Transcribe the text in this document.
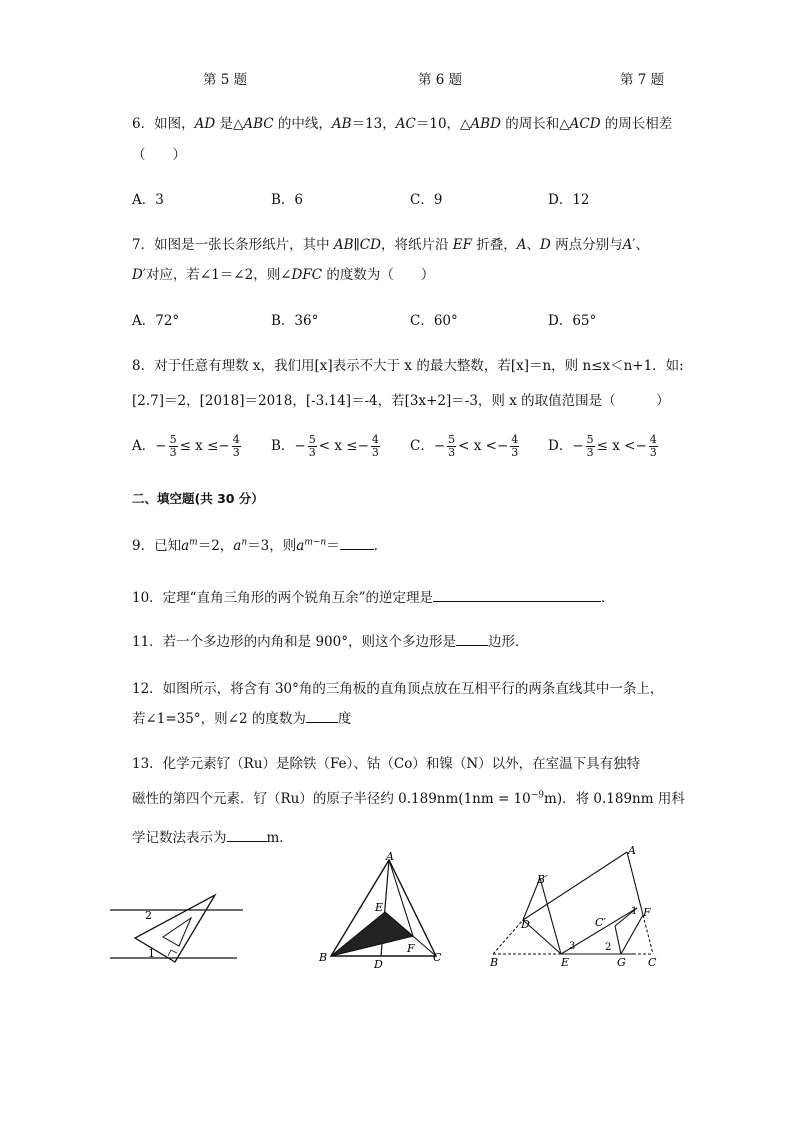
第 5 题	第 6 题	第 7 题
6．如图，AD 是△ABC 的中线，AB＝13，AC＝10，△ABD 的周长和△ACD 的周长相差
（　　）
A．3	B．6	C．9	D．12
7．如图是一张长条形纸片，其中 AB∥CD，将纸片沿 EF 折叠，A、D 两点分别与A′、
D′对应，若∠1＝∠2，则∠DFC 的度数为（　　）
A．72°	B．36°	C．60°	D．65°
8．对于任意有理数 x，我们用[x]表示不大于 x 的最大整数，若[x]＝n，则 n≤x＜n+1．如:
[2.7]＝2，[2018]＝2018，[-3.14]＝-4，若[3x+2]＝-3，则 x 的取值范围是（　　　）
A．− $\frac{5}{3} \le x \le- \frac{4}{3}$ B．− $\frac{5}{3} < x \le- \frac{4}{3}$ C．− $\frac{5}{3} < x <- \frac{4}{3}$ D．− $\frac{5}{3} \le x <- \frac{4}{3}$
二、填空题(共 30 分）
9．已知$a^m=2$，$a^n=3$，则$a^{m-n}=$	．
10．定理“直角三角形的两个锐角互余”的逆定理是	．
11．若一个多边形的内角和是 900°，则这个多边形是 边形．
12．如图所示，将含有 30°角的三角板的直角顶点放在互相平行的两条直线其中一条上，
若∠1=35°，则∠2 的度数为 度
13．化学元素钌（Ru）是除铁（Fe）、钴（Co）和镍（N）以外，在室温下具有独特
磁性的第四个元素．钌（Ru）的原子半径约 $0.189nm(1nm = 10^{-9}m)$．将 0.189nm 用科
学记数法表示为	m．
2
1
A
B	C
D
E
F
A
B′
C′
D
B	E	G C
F
1
2
3
